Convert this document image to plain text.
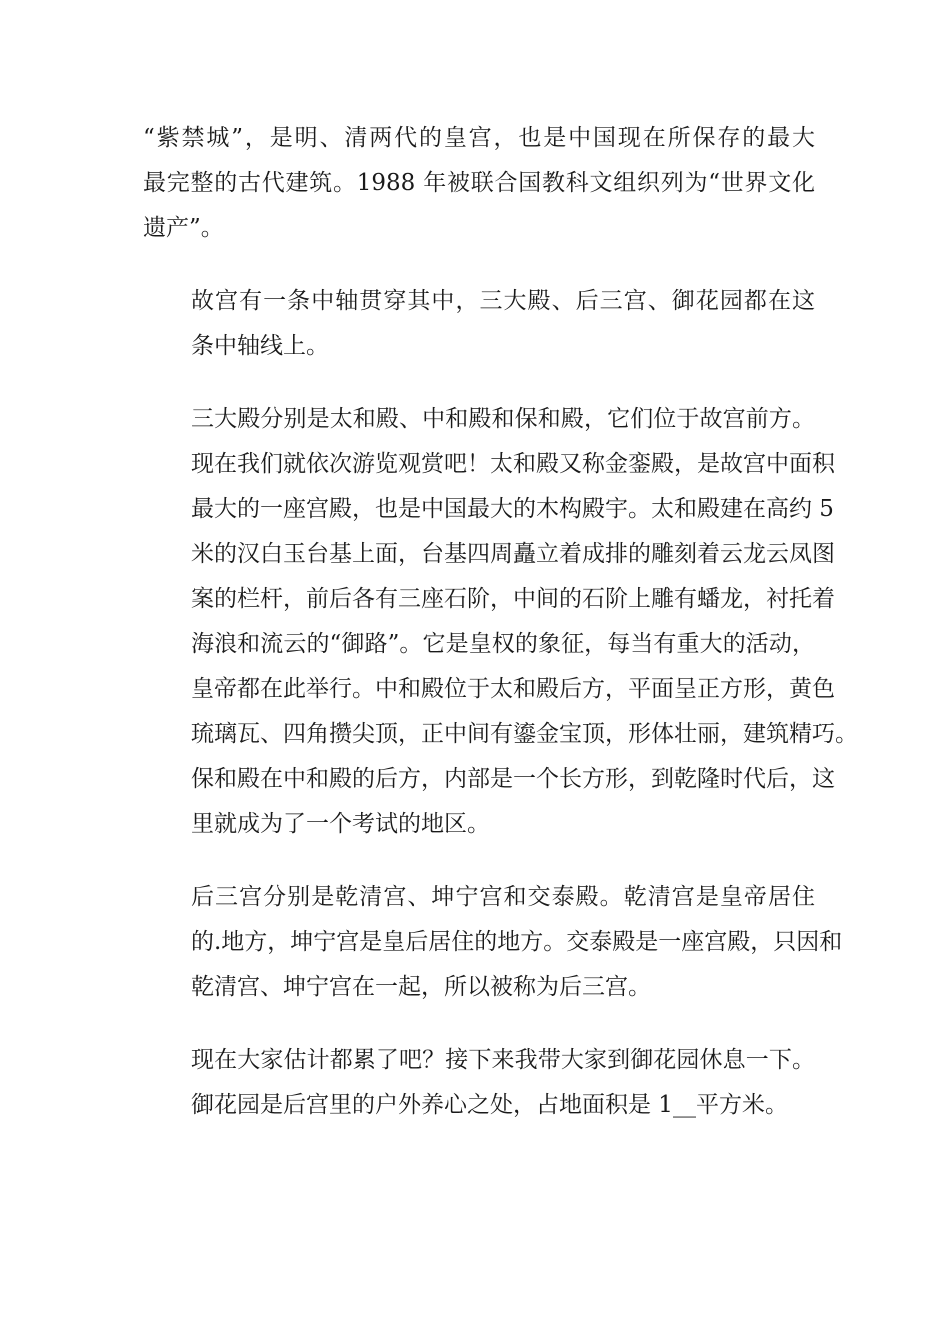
“紫禁城”，是明、清两代的皇宫，也是中国现在所保存的最大
最完整的古代建筑。1988 年被联合国教科文组织列为“世界文化
遗产”。

故宫有一条中轴贯穿其中，三大殿、后三宫、御花园都在这
条中轴线上。

三大殿分别是太和殿、中和殿和保和殿，它们位于故宫前方。
现在我们就依次游览观赏吧！太和殿又称金銮殿，是故宫中面积
最大的一座宫殿，也是中国最大的木构殿宇。太和殿建在高约 5
米的汉白玉台基上面，台基四周矗立着成排的雕刻着云龙云凤图
案的栏杆，前后各有三座石阶，中间的石阶上雕有蟠龙，衬托着
海浪和流云的“御路”。它是皇权的象征，每当有重大的活动，
皇帝都在此举行。中和殿位于太和殿后方，平面呈正方形，黄色
琉璃瓦、四角攒尖顶，正中间有鎏金宝顶，形体壮丽，建筑精巧。
保和殿在中和殿的后方，内部是一个长方形，到乾隆时代后，这
里就成为了一个考试的地区。

后三宫分别是乾清宫、坤宁宫和交泰殿。乾清宫是皇帝居住
的.地方，坤宁宫是皇后居住的地方。交泰殿是一座宫殿，只因和
乾清宫、坤宁宫在一起，所以被称为后三宫。

现在大家估计都累了吧？接下来我带大家到御花园休息一下。
御花园是后宫里的户外养心之处，占地面积是 1__平方米。
